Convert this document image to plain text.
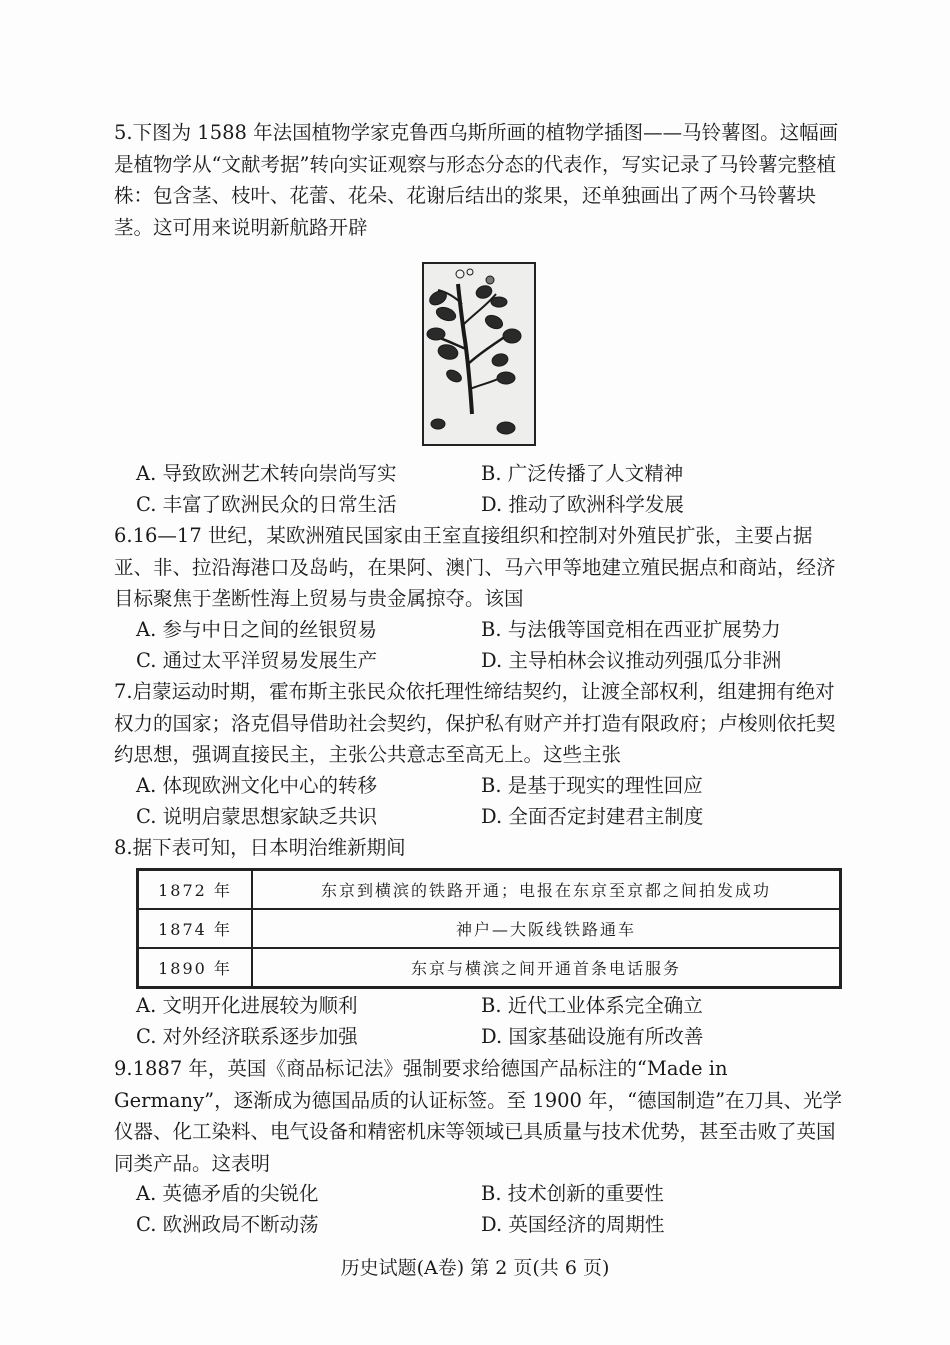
5.下图为 1588 年法国植物学家克鲁西乌斯所画的植物学插图——马铃薯图。这幅画是植物学从“文献考据”转向实证观察与形态分态的代表作，写实记录了马铃薯完整植株：包含茎、枝叶、花蕾、花朵、花谢后结出的浆果，还单独画出了两个马铃薯块茎。这可用来说明新航路开辟

A. 导致欧洲艺术转向崇尚写实	B. 广泛传播了人文精神
C. 丰富了欧洲民众的日常生活	D. 推动了欧洲科学发展

6.16—17 世纪，某欧洲殖民国家由王室直接组织和控制对外殖民扩张，主要占据亚、非、拉沿海港口及岛屿，在果阿、澳门、马六甲等地建立殖民据点和商站，经济目标聚焦于垄断性海上贸易与贵金属掠夺。该国

A. 参与中日之间的丝银贸易	B. 与法俄等国竞相在西亚扩展势力
C. 通过太平洋贸易发展生产	D. 主导柏林会议推动列强瓜分非洲

7.启蒙运动时期，霍布斯主张民众依托理性缔结契约，让渡全部权利，组建拥有绝对权力的国家；洛克倡导借助社会契约，保护私有财产并打造有限政府；卢梭则依托契约思想，强调直接民主，主张公共意志至高无上。这些主张

A. 体现欧洲文化中心的转移	B. 是基于现实的理性回应
C. 说明启蒙思想家缺乏共识	D. 全面否定封建君主制度

8.据下表可知，日本明治维新期间

1872 年	东京到横滨的铁路开通；电报在东京至京都之间拍发成功
1874 年	神户—大阪线铁路通车
1890 年	东京与横滨之间开通首条电话服务
A. 文明开化进展较为顺利	B. 近代工业体系完全确立
C. 对外经济联系逐步加强	D. 国家基础设施有所改善

9.1887 年，英国《商品标记法》强制要求给德国产品标注的“Made in Germany”，逐渐成为德国品质的认证标签。至 1900 年，“德国制造”在刀具、光学仪器、化工染料、电气设备和精密机床等领域已具质量与技术优势，甚至击败了英国同类产品。这表明

A. 英德矛盾的尖锐化	B. 技术创新的重要性
C. 欧洲政局不断动荡	D. 英国经济的周期性
历史试题(A卷) 第 2 页(共 6 页)
